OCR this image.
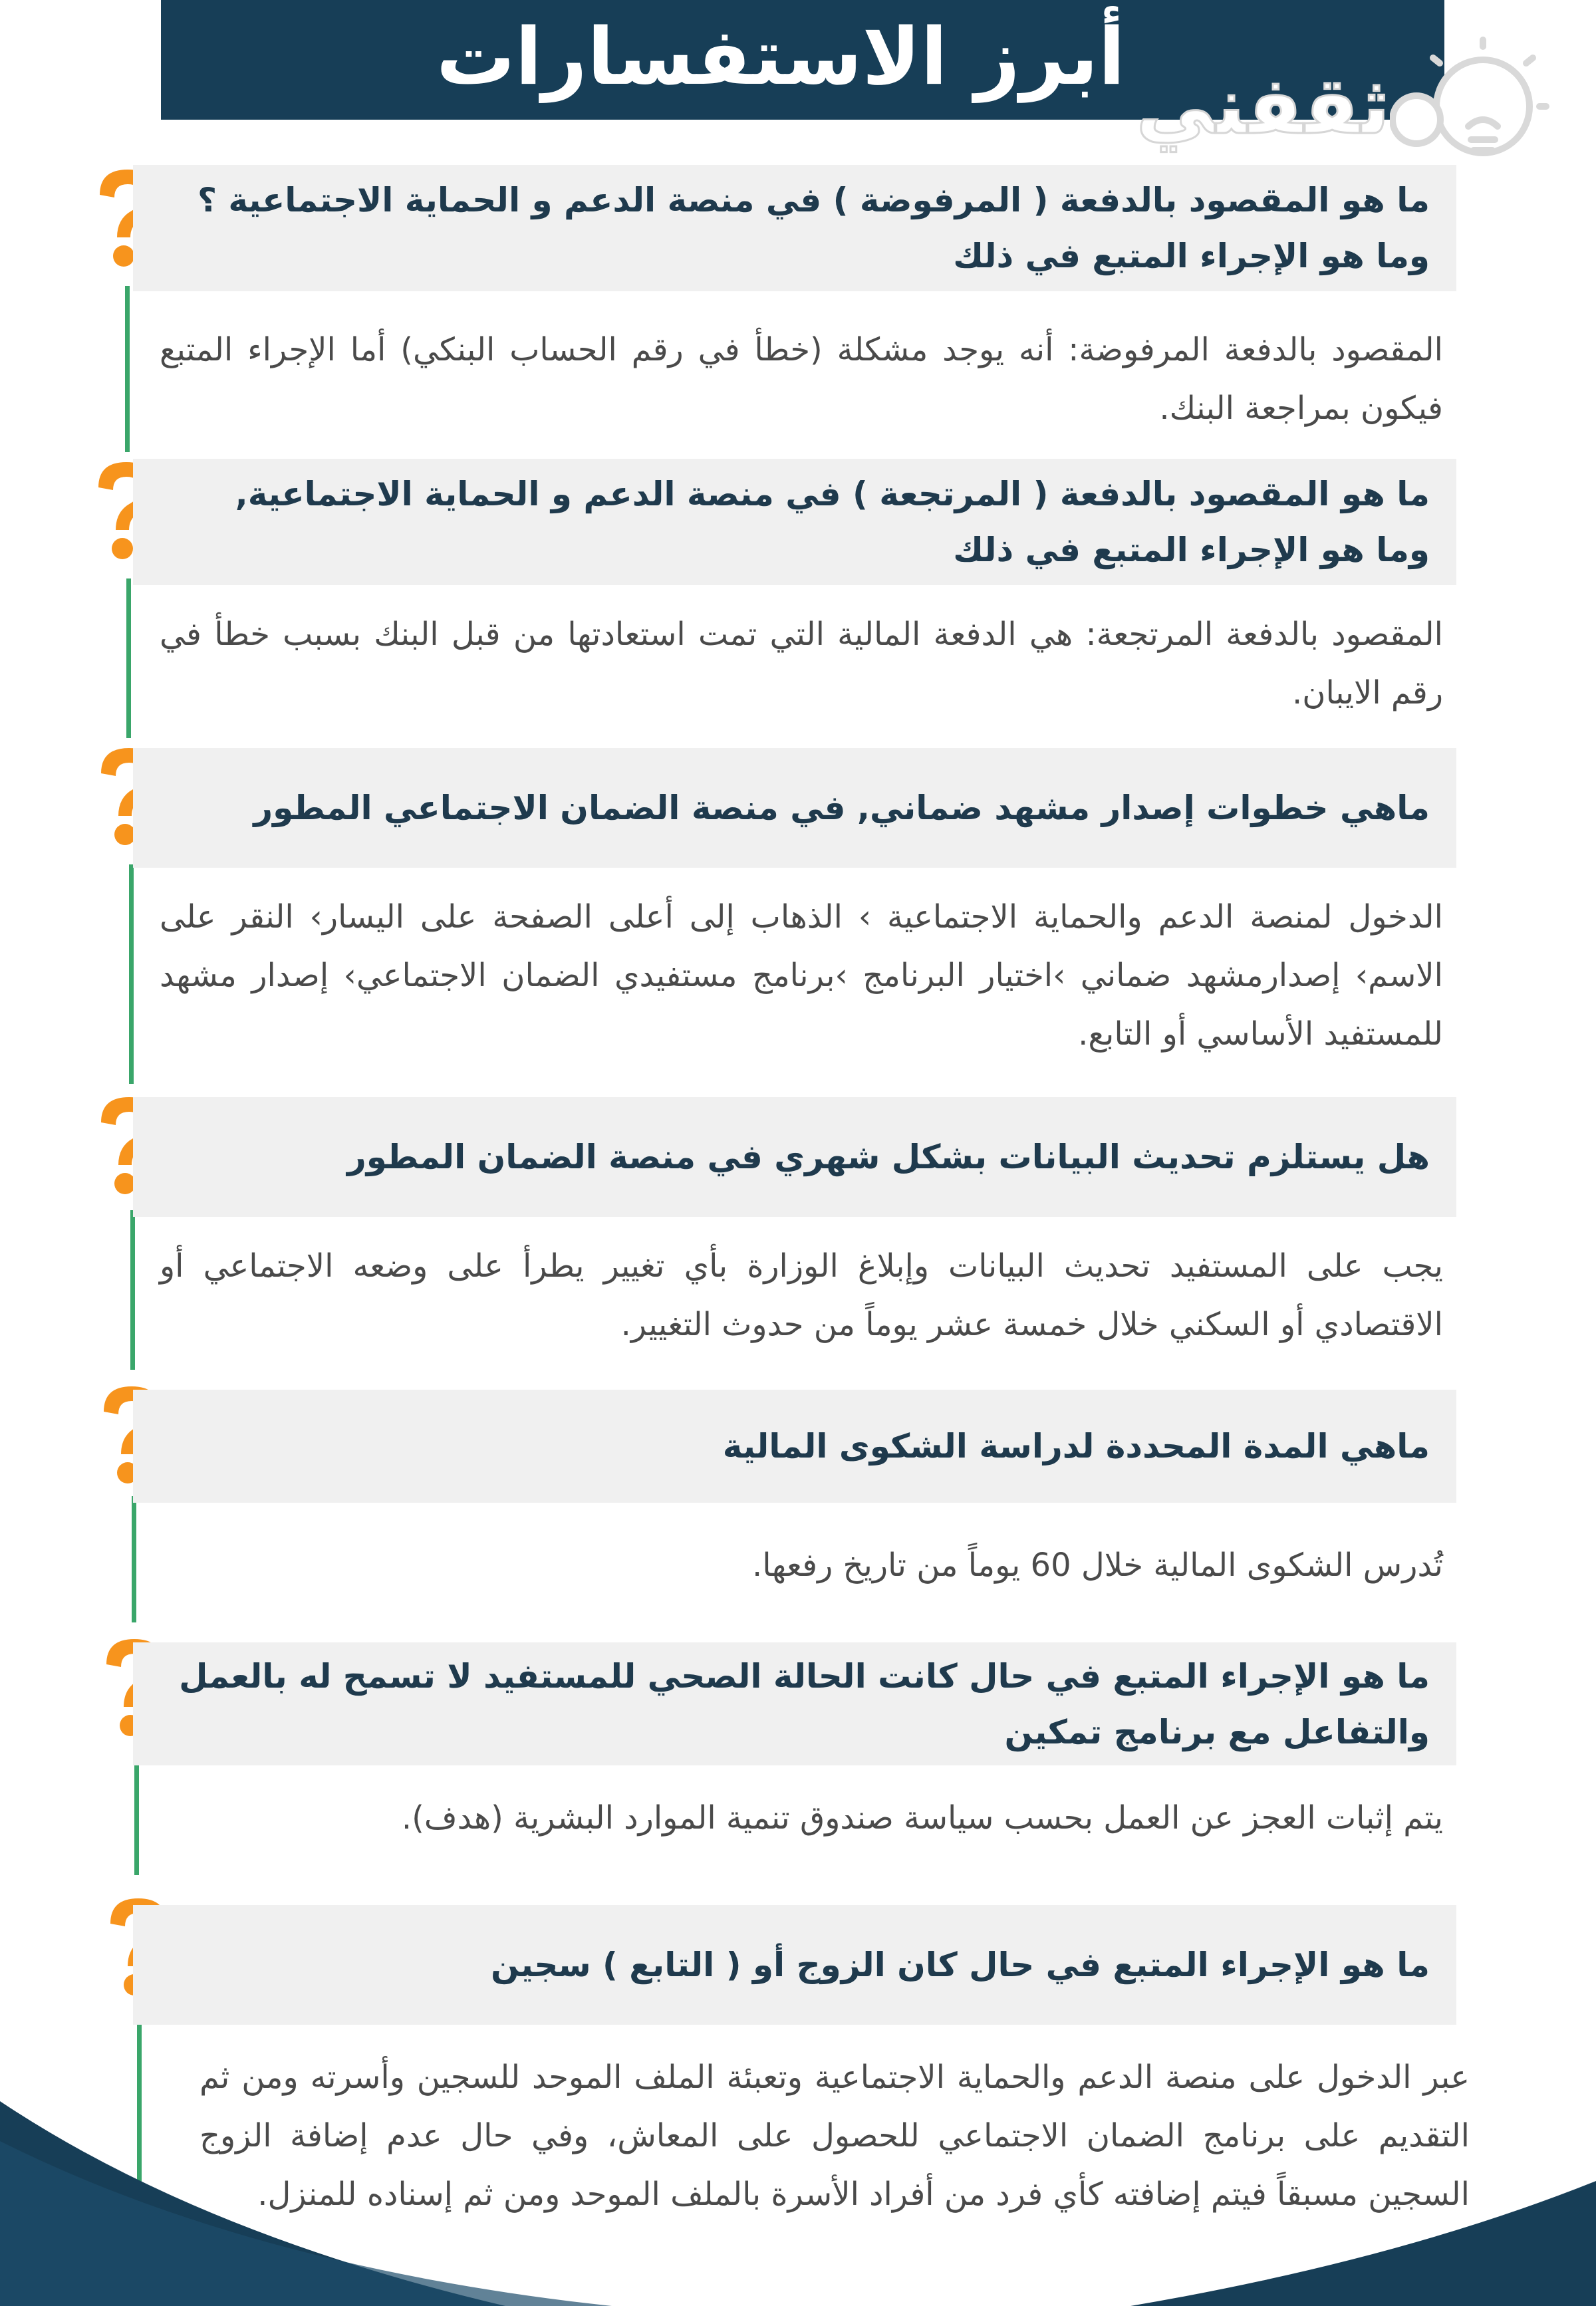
أبرز الاستفسارات
ثقفني
ما هو المقصود بالدفعة ( المرفوضة ) في منصة الدعم و الحماية الاجتماعية ؟ وما هو الإجراء المتبع في ذلك
المقصود بالدفعة المرفوضة: أنه يوجد مشكلة (خطأ في رقم الحساب البنكي) أما الإجراء المتبع فيكون بمراجعة البنك.
ما هو المقصود بالدفعة ( المرتجعة ) في منصة الدعم و الحماية الاجتماعية, وما هو الإجراء المتبع في ذلك
المقصود بالدفعة المرتجعة: هي الدفعة المالية التي تمت استعادتها من قبل البنك بسبب خطأ في رقم الايبان.
ماهي خطوات إصدار مشهد ضماني, في منصة الضمان الاجتماعي المطور
الدخول لمنصة الدعم والحماية الاجتماعية › الذهاب إلى أعلى الصفحة على اليسار› النقر على الاسم› إصدارمشهد ضماني ›اختيار البرنامج ›برنامج مستفيدي الضمان الاجتماعي› إصدار مشهد للمستفيد الأساسي أو التابع.
هل يستلزم تحديث البيانات بشكل شهري في منصة الضمان المطور
يجب على المستفيد تحديث البيانات وإبلاغ الوزارة بأي تغيير يطرأ على وضعه الاجتماعي أو الاقتصادي أو السكني خلال خمسة عشر يوماً من حدوث التغيير.
ماهي المدة المحددة لدراسة الشكوى المالية
تُدرس الشكوى المالية خلال 60 يوماً من تاريخ رفعها.
ما هو الإجراء المتبع في حال كانت الحالة الصحي للمستفيد لا تسمح له بالعمل والتفاعل مع برنامج تمكين
يتم إثبات العجز عن العمل بحسب سياسة صندوق تنمية الموارد البشرية (هدف).
ما هو الإجراء المتبع في حال كان الزوج أو ( التابع ) سجين
عبر الدخول على منصة الدعم والحماية الاجتماعية وتعبئة الملف الموحد للسجين وأسرته ومن ثم التقديم على برنامج الضمان الاجتماعي للحصول على المعاش، وفي حال عدم إضافة الزوج السجين مسبقاً فيتم إضافته كأي فرد من أفراد الأسرة بالملف الموحد ومن ثم إسناده للمنزل.
